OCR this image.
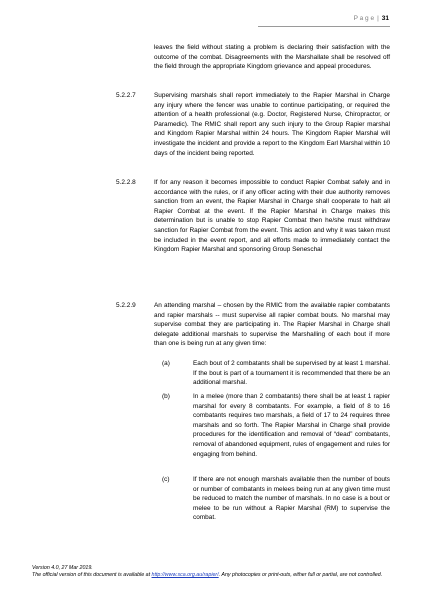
P a g e | 31
leaves the field without stating a problem is declaring their satisfaction with the outcome of the combat. Disagreements with the Marshallate shall be resolved off the field through the appropriate Kingdom grievance and appeal procedures.
5.2.2.7	Supervising marshals shall report immediately to the Rapier Marshal in Charge any injury where the fencer was unable to continue participating, or required the attention of a health professional (e.g. Doctor, Registered Nurse, Chiropractor, or Paramedic). The RMIC shall report any such injury to the Group Rapier marshal and Kingdom Rapier Marshal within 24 hours. The Kingdom Rapier Marshal will investigate the incident and provide a report to the Kingdom Earl Marshal within 10 days of the incident being reported.
5.2.2.8	If for any reason it becomes impossible to conduct Rapier Combat safely and in accordance with the rules, or if any officer acting with their due authority removes sanction from an event, the Rapier Marshal in Charge shall cooperate to halt all Rapier Combat at the event. If the Rapier Marshal in Charge makes this determination but is unable to stop Rapier Combat then he/she must withdraw sanction for Rapier Combat from the event. This action and why it was taken must be included in the event report, and all efforts made to immediately contact the Kingdom Rapier Marshal and sponsoring Group Seneschal
5.2.2.9	An attending marshal – chosen by the RMIC from the available rapier combatants and rapier marshals -- must supervise all rapier combat bouts. No marshal may supervise combat they are participating in. The Rapier Marshal in Charge shall delegate additional marshals to supervise the Marshalling of each bout if more than one is being run at any given time:
(a)	Each bout of 2 combatants shall be supervised by at least 1 marshal. If the bout is part of a tournament it is recommended that there be an additional marshal.
(b)	In a melee (more than 2 combatants) there shall be at least 1 rapier marshal for every 8 combatants. For example, a field of 8 to 16 combatants requires two marshals, a field of 17 to 24 requires three marshals and so forth. The Rapier Marshal in Charge shall provide procedures for the identification and removal of “dead” combatants, removal of abandoned equipment, rules of engagement and rules for engaging from behind.
(c)	If there are not enough marshals available then the number of bouts or number of combatants in melees being run at any given time must be reduced to match the number of marshals. In no case is a bout or melee to be run without a Rapier Marshal (RM) to supervise the combat.
Version 4.0, 27 Mar 2019.
The official version of this document is available at http://www.sca.org.au/rapier/. Any photocopies or print-outs, either full or partial, are not controlled.
